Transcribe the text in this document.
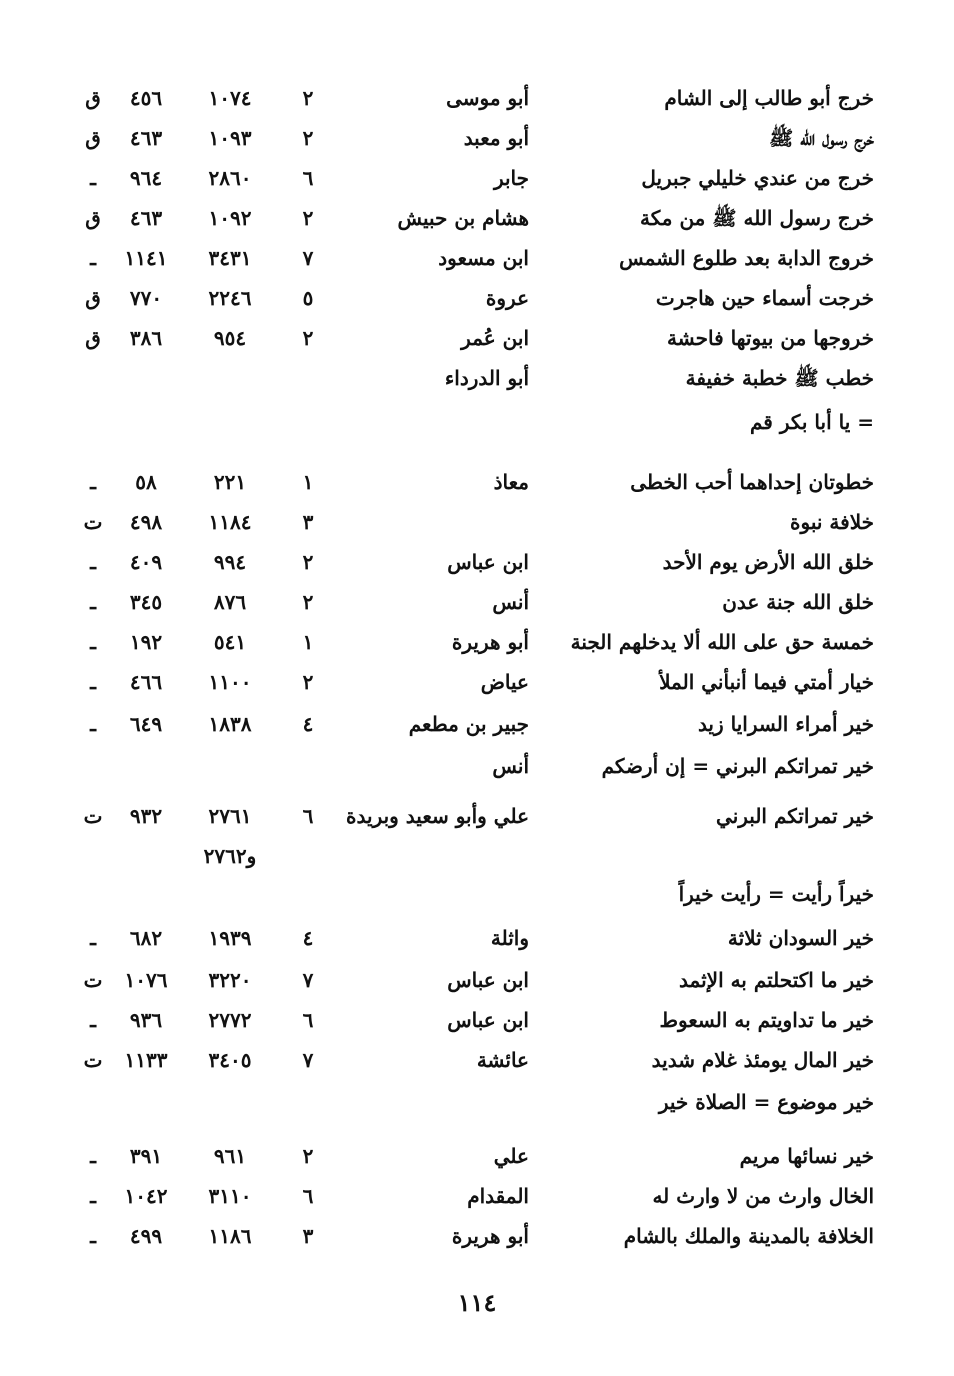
خرج أبو طالب إلى الشام
أبو موسى
٢
١٠٧٤
٤٥٦
ق
خرج رسول الله ﷺ
أبو معبد
٢
١٠٩٣
٤٦٣
ق
خرج من عندي خليلي جبريل
جابر
٦
٢٨٦٠
٩٦٤
ـ
خرج رسول الله ﷺ من مكة
هشام بن حبيش
٢
١٠٩٢
٤٦٣
ق
خروج الدابة بعد طلوع الشمس
ابن مسعود
٧
٣٤٣١
١١٤١
ـ
خرجت أسماء حين هاجرت
عروة
٥
٢٢٤٦
٧٧٠
ق
خروجها من بيوتها فاحشة
ابن عُمر
٢
٩٥٤
٣٨٦
ق
خطب ﷺ خطبة خفيفة
أبو الدرداء
= يا أبا بكر قم
خطوتان إحداهما أحب الخطى
معاذ
١
٢٢١
٥٨
ـ
خلافة نبوة
٣
١١٨٤
٤٩٨
ت
خلق الله الأرض يوم الأحد
ابن عباس
٢
٩٩٤
٤٠٩
ـ
خلق الله جنة عدن
أنس
٢
٨٧٦
٣٤٥
ـ
خمسة حق على الله ألا يدخلهم الجنة
أبو هريرة
١
٥٤١
١٩٢
ـ
خيار أمتي فيما أنبأني الملأ
عياض
٢
١١٠٠
٤٦٦
ـ
خير أمراء السرايا زيد
جبير بن مطعم
٤
١٨٣٨
٦٤٩
ـ
خير تمراتكم البرني = إن أرضكم
أنس
خير تمراتكم البرني
علي وأبو سعيد وبريدة
٦
٢٧٦١
٩٣٢
ت
و٢٧٦٢
خيراً رأيت = رأيت خيراً
خير السودان ثلاثة
واثلة
٤
١٩٣٩
٦٨٢
ـ
خير ما اكتحلتم به الإثمد
ابن عباس
٧
٣٢٢٠
١٠٧٦
ت
خير ما تداويتم به السعوط
ابن عباس
٦
٢٧٧٢
٩٣٦
ـ
خير المال يومئذ غلام شديد
عائشة
٧
٣٤٠٥
١١٣٣
ت
خير موضوع = الصلاة خير
خير نسائها مريم
علي
٢
٩٦١
٣٩١
ـ
الخال وارث من لا وارث له
المقدام
٦
٣١١٠
١٠٤٢
ـ
الخلافة بالمدينة والملك بالشام
أبو هريرة
٣
١١٨٦
٤٩٩
ـ
١١٤
